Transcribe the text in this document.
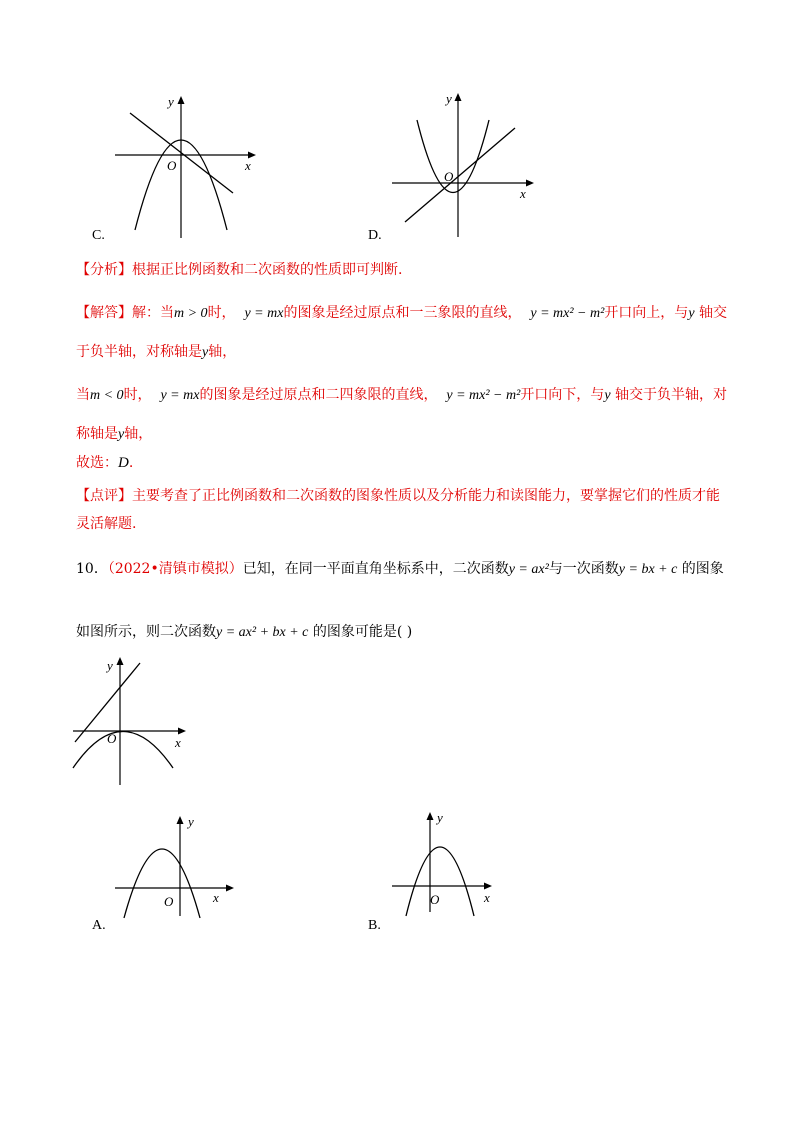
y
x
O
C.
y
x
O
D.
【分析】根据正比例函数和二次函数的性质即可判断.
【解答】解：当m > 0时， y = mx的图象是经过原点和一三象限的直线， y = mx² − m²开口向上，与y 轴交
于负半轴，对称轴是y轴，
当m < 0时， y = mx的图象是经过原点和二四象限的直线， y = mx² − m²开口向下，与y 轴交于负半轴，对
称轴是y轴，
故选：D.
【点评】主要考查了正比例函数和二次函数的图象性质以及分析能力和读图能力，要掌握它们的性质才能
灵活解题.
10．（2022•清镇市模拟）已知，在同一平面直角坐标系中，二次函数y = ax²与一次函数y = bx + c 的图象
如图所示，则二次函数y = ax² + bx + c 的图象可能是( )
y
x
O
y
x
O
A.
y
x
O
B.
